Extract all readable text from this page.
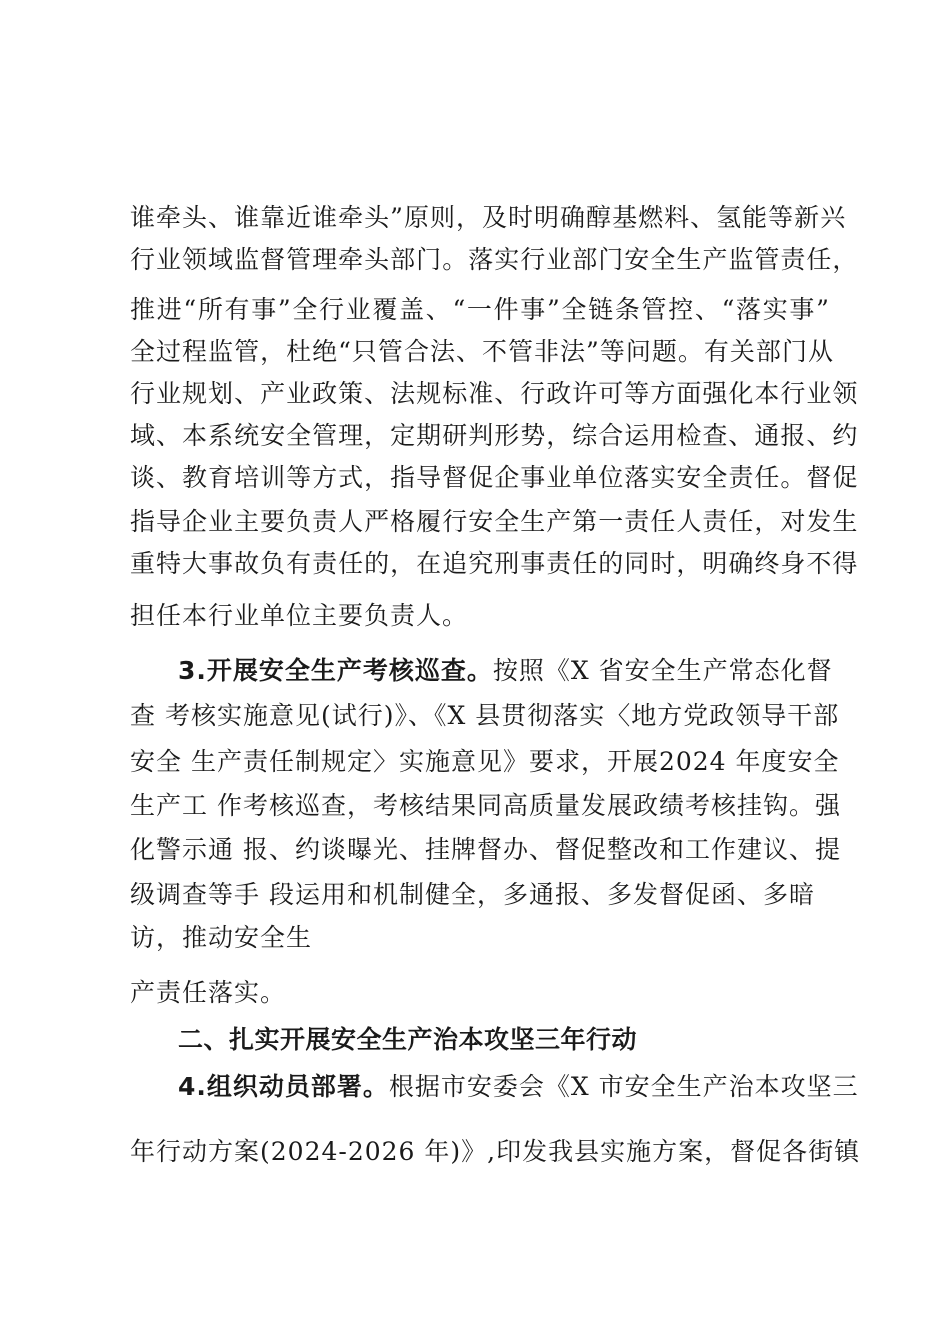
谁 牵 头 、 谁 靠 近 谁 牵 头 ” 原 则 ， 及 时 明 确 醇 基 燃 料 、 氢 能 等 新 兴
行 业 领 域 监 督 管 理 牵 头 部 门 。 落 实 行 业 部 门 安 全 生 产 监 管 责 任 ，
推 进 “ 所 有 事 ” 全 行 业 覆 盖 、 “ 一 件 事 ” 全 链 条 管 控 、 “ 落 实 事 ”
全 过 程 监 管 ， 杜 绝 “ 只 管 合 法 、 不 管 非 法 ” 等 问 题 。 有 关 部 门 从
行 业 规 划 、 产 业 政 策 、 法 规 标 准 、 行 政 许 可 等 方 面 强 化 本 行 业 领
域 、 本 系 统 安 全 管 理 ， 定 期 研 判 形 势 ， 综 合 运 用 检 查 、 通 报 、 约
谈 、 教 育 培 训 等 方 式 ， 指 导 督 促 企 事 业 单 位 落 实 安 全 责 任 。 督 促
指 导 企 业 主 要 负 责 人 严 格 履 行 安 全 生 产 第 一 责 任 人 责 任 ， 对 发 生
重 特 大 事 故 负 有 责 任 的 ， 在 追 究 刑 事 责 任 的 同 时 ， 明 确 终 身 不 得
担任本行业单位主要负责人。
3.开展安全生产考核巡查。按照《X 省安全生产常态化督
查 考核实施意见(试行)》、《X 县贯彻落实〈地方党政领导干部
安全 生产责任制规定〉实施意见》要求，开展2024 年度安全
生产工 作考核巡查，考核结果同高质量发展政绩考核挂钩。强
化警示通 报、约谈曝光、挂牌督办、督促整改和工作建议、提
级调查等手 段运用和机制健全，多通报、多发督促函、多暗
访，推动安全生
产责任落实。
二、扎实开展安全生产治本攻坚三年行动
4.组织动员部署。根据市安委会《X 市安全生产治本攻坚三
年行动方案(2024-2026 年)》,印发我县实施方案，督促各街镇
